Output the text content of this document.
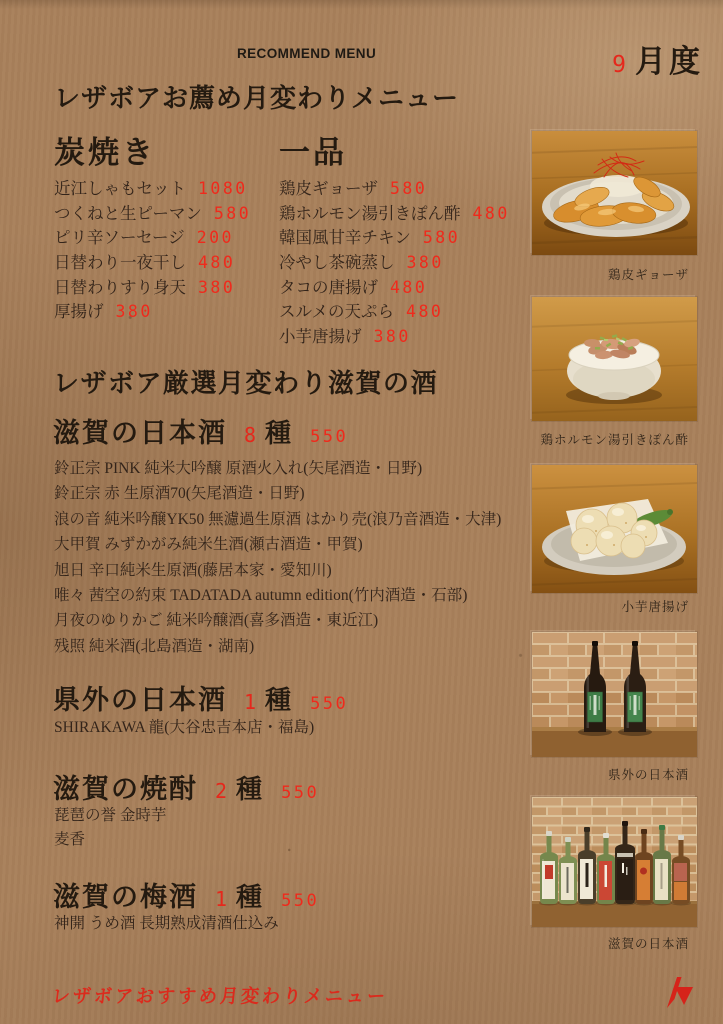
RECOMMEND MENU	9 月度
レザボアお薦め月変わりメニュー
炭焼き	一品
近江しゃもセット 1080
つくねと生ピーマン 580
ピリ辛ソーセージ 200
日替わり一夜干し 480
日替わりすり身天 380
厚揚げ 380
鶏皮ギョーザ 580
鶏ホルモン湯引きぽん酢 480
韓国風甘辛チキン 580
冷やし茶碗蒸し 380
タコの唐揚げ 480
スルメの天ぷら 480
小芋唐揚げ 380
レザボア厳選月変わり滋賀の酒
滋賀の日本酒 8 種 550
鈴正宗 PINK 純米大吟醸 原酒火入れ(矢尾酒造・日野)
鈴正宗 赤 生原酒70(矢尾酒造・日野)
浪の音 純米吟醸YK50 無濾過生原酒 はかり売(浪乃音酒造・大津)
大甲賀 みずかがみ純米生酒(瀬古酒造・甲賀)
旭日 辛口純米生原酒(藤居本家・愛知川)
唯々 茜空の約束 TADATADA autumn edition(竹内酒造・石部)
月夜のゆりかご 純米吟醸酒(喜多酒造・東近江)
残照 純米酒(北島酒造・湖南)
県外の日本酒 1 種 550
SHIRAKAWA 龍(大谷忠吉本店・福島)
滋賀の焼酎 2 種 550
琵琶の誉 金時芋
麦香
滋賀の梅酒 1 種 550
神開 うめ酒 長期熟成清酒仕込み
鶏皮ギョーザ
鶏ホルモン湯引きぽん酢
小芋唐揚げ
県外の日本酒
滋賀の日本酒
レザボアおすすめ月変わりメニュー
